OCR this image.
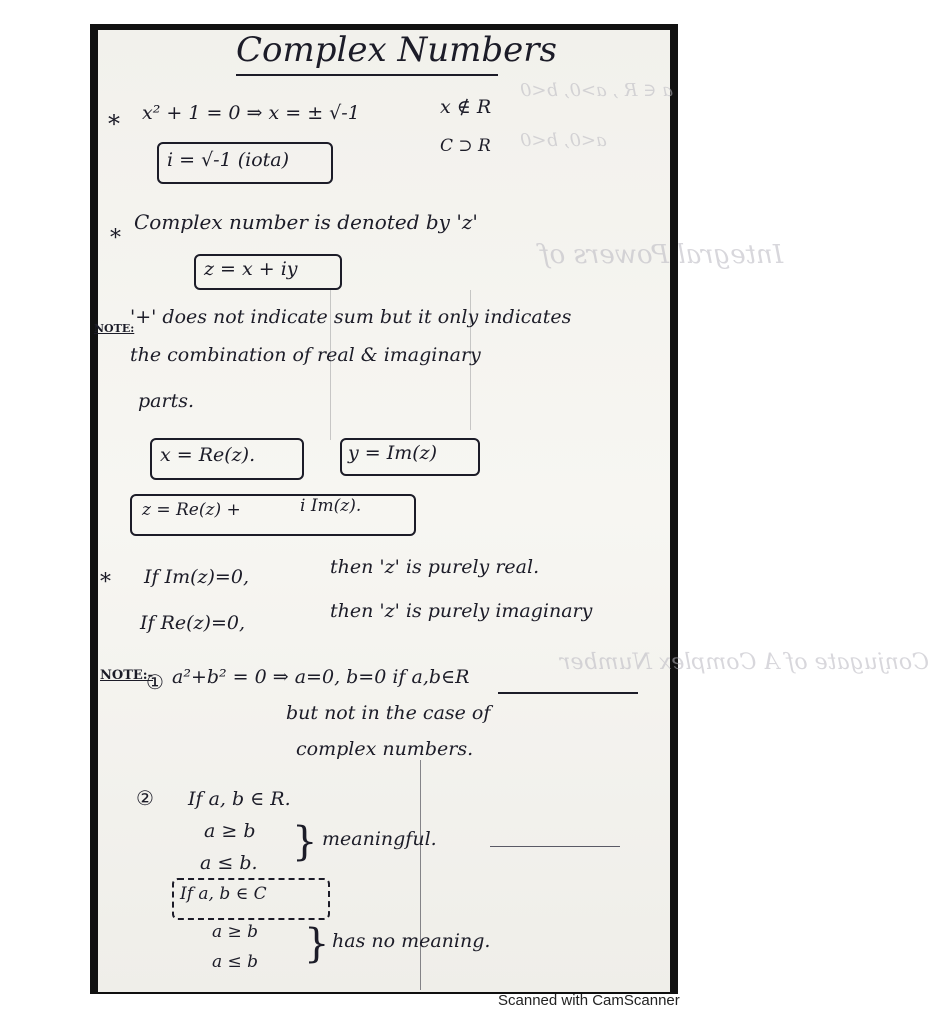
a ∈ R , a>0, b<0
a<0, b<0
Integral Powers of
Conjugate of A Complex Number
Complex Numbers
* x² + 1 = 0 ⇒ x = ± √-1	x ∉ R
C ⊃ R
i = √-1 (iota)
*
Complex number is denoted by 'z'
z = x + iy
NOTE:
'+' does not indicate sum but it only indicates
the combination of real & imaginary
parts.
x = Re(z).	y = Im(z)
z = Re(z) +	i Im(z).
* If Im(z)=0,	then 'z' is purely real.
If Re(z)=0,
then 'z' is purely imaginary
NOTE:-
① a²+b² = 0 ⇒ a=0, b=0 if a,b∈R
but not in the case of
complex numbers.
② If a, b ∈ R.
a ≥ b
a ≤ b. } meaningful.
If a, b ∈ C
a ≥ b
a ≤ b } has no meaning.
Scanned with CamScanner
